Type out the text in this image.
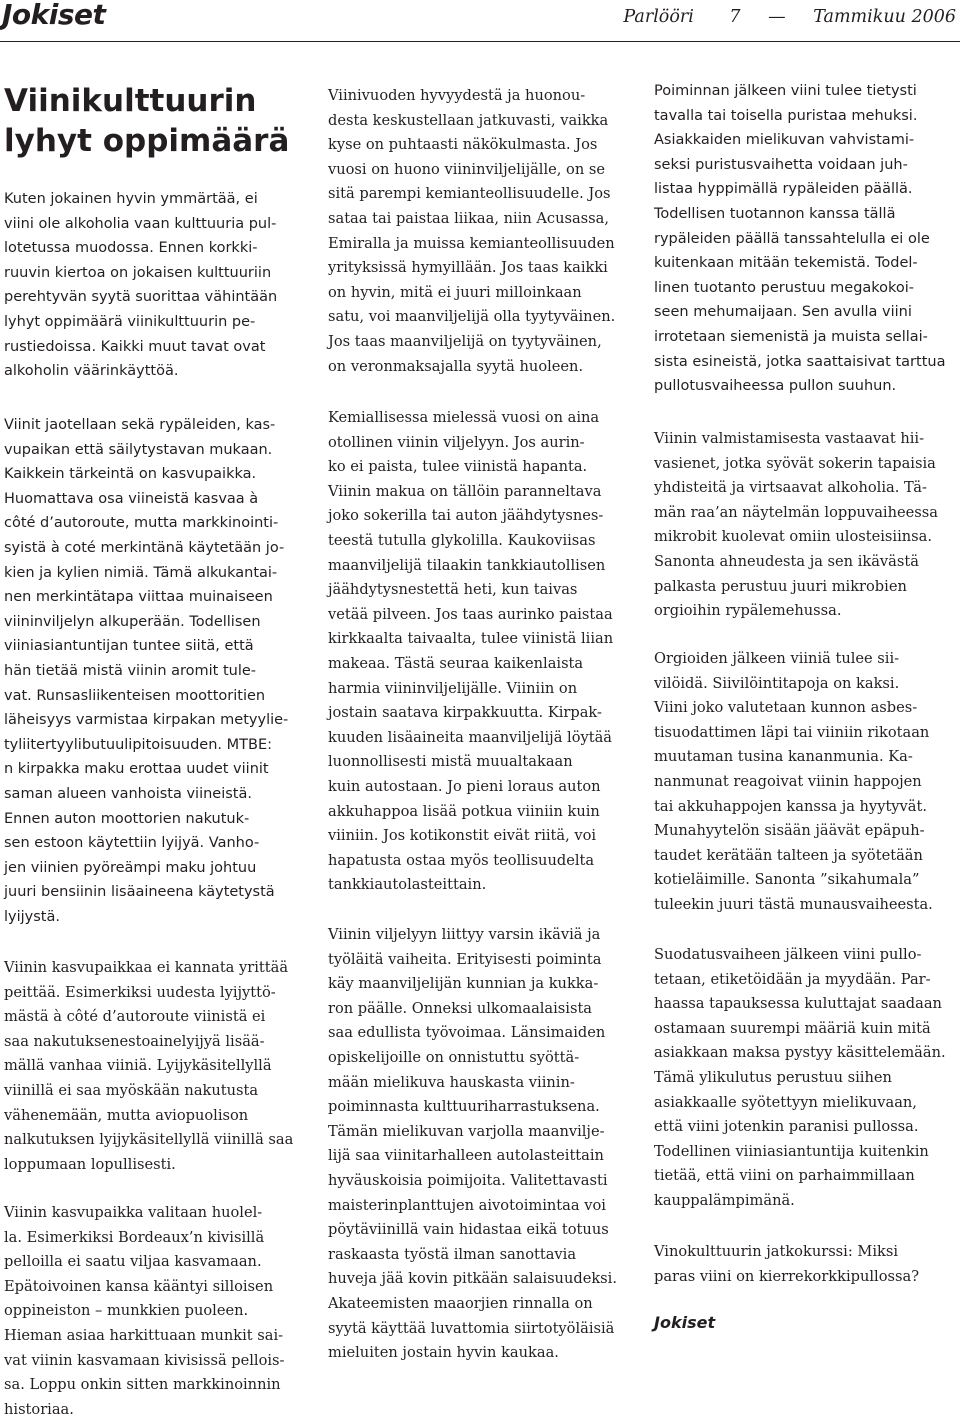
Jokiset	Parlööri 7 — Tammikuu 2006
Viinikulttuurin lyhyt oppimäärä

Kuten jokainen hyvin ymmärtää, ei
viini ole alkoholia vaan kulttuuria pul-
lotetussa muodossa. Ennen korkki-
ruuvin kiertoa on jokaisen kulttuuriin
perehtyvän syytä suorittaa vähintään
lyhyt oppimäärä viinikulttuurin pe-
rustiedoissa. Kaikki muut tavat ovat
alkoholin väärinkäyttöä.

Viinit jaotellaan sekä rypäleiden, kas-
vupaikan että säilytystavan mukaan.
Kaikkein tärkeintä on kasvupaikka.
Huomattava osa viineistä kasvaa à
côté d’autoroute, mutta markkinointi-
syistä à coté merkintänä käytetään jo-
kien ja kylien nimiä. Tämä alkukantai-
nen merkintätapa viittaa muinaiseen
viininviljelyn alkuperään. Todellisen
viiniasiantuntijan tuntee siitä, että
hän tietää mistä viinin aromit tule-
vat. Runsasliikenteisen moottoritien
läheisyys varmistaa kirpakan metyylie-
tyliitertyylibutuulipitoisuuden. MTBE:
n kirpakka maku erottaa uudet viinit
saman alueen vanhoista viineistä.
Ennen auton moottorien nakutuk-
sen estoon käytettiin lyijyä. Vanho-
jen viinien pyöreämpi maku johtuu
juuri bensiinin lisäaineena käytetystä
lyijystä.

Viinin kasvupaikkaa ei kannata yrittää
peittää. Esimerkiksi uudesta lyijyttö-
mästä à côté d’autoroute viinistä ei
saa nakutuksenestoainelyijyä lisää-
mällä vanhaa viiniä. Lyijykäsitellyllä
viinillä ei saa myöskään nakutusta
vähenemään, mutta aviopuolison
nalkutuksen lyijykäsitellyllä viinillä saa
loppumaan lopullisesti.

Viinin kasvupaikka valitaan huolel-
la. Esimerkiksi Bordeaux’n kivisillä
pelloilla ei saatu viljaa kasvamaan.
Epätoivoinen kansa kääntyi silloisen
oppineiston – munkkien puoleen.
Hieman asiaa harkittuaan munkit sai-
vat viinin kasvamaan kivisissä pellois-
sa. Loppu onkin sitten markkinoinnin
historiaa.

Viinivuoden hyvyydestä ja huonou-
desta keskustellaan jatkuvasti, vaikka
kyse on puhtaasti näkökulmasta. Jos
vuosi on huono viininviljelijälle, on se
sitä parempi kemianteollisuudelle. Jos
sataa tai paistaa liikaa, niin Acusassa,
Emiralla ja muissa kemianteollisuuden
yrityksissä hymyillään. Jos taas kaikki
on hyvin, mitä ei juuri milloinkaan
satu, voi maanviljelijä olla tyytyväinen.
Jos taas maanviljelijä on tyytyväinen,
on veronmaksajalla syytä huoleen.

Kemiallisessa mielessä vuosi on aina
otollinen viinin viljelyyn. Jos aurin-
ko ei paista, tulee viinistä hapanta.
Viinin makua on tällöin paranneltava
joko sokerilla tai auton jäähdytysnes-
teestä tutulla glykolilla. Kaukoviisas
maanviljelijä tilaakin tankkiautollisen
jäähdytysnestettä heti, kun taivas
vetää pilveen. Jos taas aurinko paistaa
kirkkaalta taivaalta, tulee viinistä liian
makeaa. Tästä seuraa kaikenlaista
harmia viininviljelijälle. Viiniin on
jostain saatava kirpakkuutta. Kirpak-
kuuden lisäaineita maanviljelijä löytää
luonnollisesti mistä muualtakaan
kuin autostaan. Jo pieni loraus auton
akkuhappoa lisää potkua viiniin kuin
viiniin. Jos kotikonstit eivät riitä, voi
hapatusta ostaa myös teollisuudelta
tankkiautolasteittain.

Viinin viljelyyn liittyy varsin ikäviä ja
työläitä vaiheita. Erityisesti poiminta
käy maanviljelijän kunnian ja kukka-
ron päälle. Onneksi ulkomaalaisista
saa edullista työvoimaa. Länsimaiden
opiskelijoille on onnistuttu syöttä-
mään mielikuva hauskasta viinin-
poiminnasta kulttuuriharrastuksena.
Tämän mielikuvan varjolla maanvilje-
lijä saa viinitarhalleen autolasteittain
hyväuskoisia poimijoita. Valitettavasti
maisterinplanttujen aivotoimintaa voi
pöytäviinillä vain hidastaa eikä totuus
raskaasta työstä ilman sanottavia
huveja jää kovin pitkään salaisuudeksi.
Akateemisten maaorjien rinnalla on
syytä käyttää luvattomia siirtotyöläisiä
mieluiten jostain hyvin kaukaa.

Poiminnan jälkeen viini tulee tietysti
tavalla tai toisella puristaa mehuksi.
Asiakkaiden mielikuvan vahvistami-
seksi puristusvaihetta voidaan juh-
listaa hyppimällä rypäleiden päällä.
Todellisen tuotannon kanssa tällä
rypäleiden päällä tanssahtelulla ei ole
kuitenkaan mitään tekemistä. Todel-
linen tuotanto perustuu megakokoi-
seen mehumaijaan. Sen avulla viini
irrotetaan siemenistä ja muista sellai-
sista esineistä, jotka saattaisivat tarttua
pullotusvaiheessa pullon suuhun.

Viinin valmistamisesta vastaavat hii-
vasienet, jotka syövät sokerin tapaisia
yhdisteitä ja virtsaavat alkoholia. Tä-
män raa’an näytelmän loppuvaiheessa
mikrobit kuolevat omiin ulosteisiinsa.
Sanonta ahneudesta ja sen ikävästä
palkasta perustuu juuri mikrobien
orgioihin rypälemehussa.

Orgioiden jälkeen viiniä tulee sii-
vilöidä. Siivilöintitapoja on kaksi.
Viini joko valutetaan kunnon asbes-
tisuodattimen läpi tai viiniin rikotaan
muutaman tusina kananmunia. Ka-
nanmunat reagoivat viinin happojen
tai akkuhappojen kanssa ja hyytyvät.
Munahyytelön sisään jäävät epäpuh-
taudet kerätään talteen ja syötetään
kotieläimille. Sanonta ”sikahumala”
tuleekin juuri tästä munausvaiheesta.

Suodatusvaiheen jälkeen viini pullo-
tetaan, etiketöidään ja myydään. Par-
haassa tapauksessa kuluttajat saadaan
ostamaan suurempi määriä kuin mitä
asiakkaan maksa pystyy käsittelemään.
Tämä ylikulutus perustuu siihen
asiakkaalle syötettyyn mielikuvaan,
että viini jotenkin paranisi pullossa.
Todellinen viiniasiantuntija kuitenkin
tietää, että viini on parhaimmillaan
kauppalämpimänä.

Vinokulttuurin jatkokurssi: Miksi
paras viini on kierrekorkkipullossa?

Jokiset
